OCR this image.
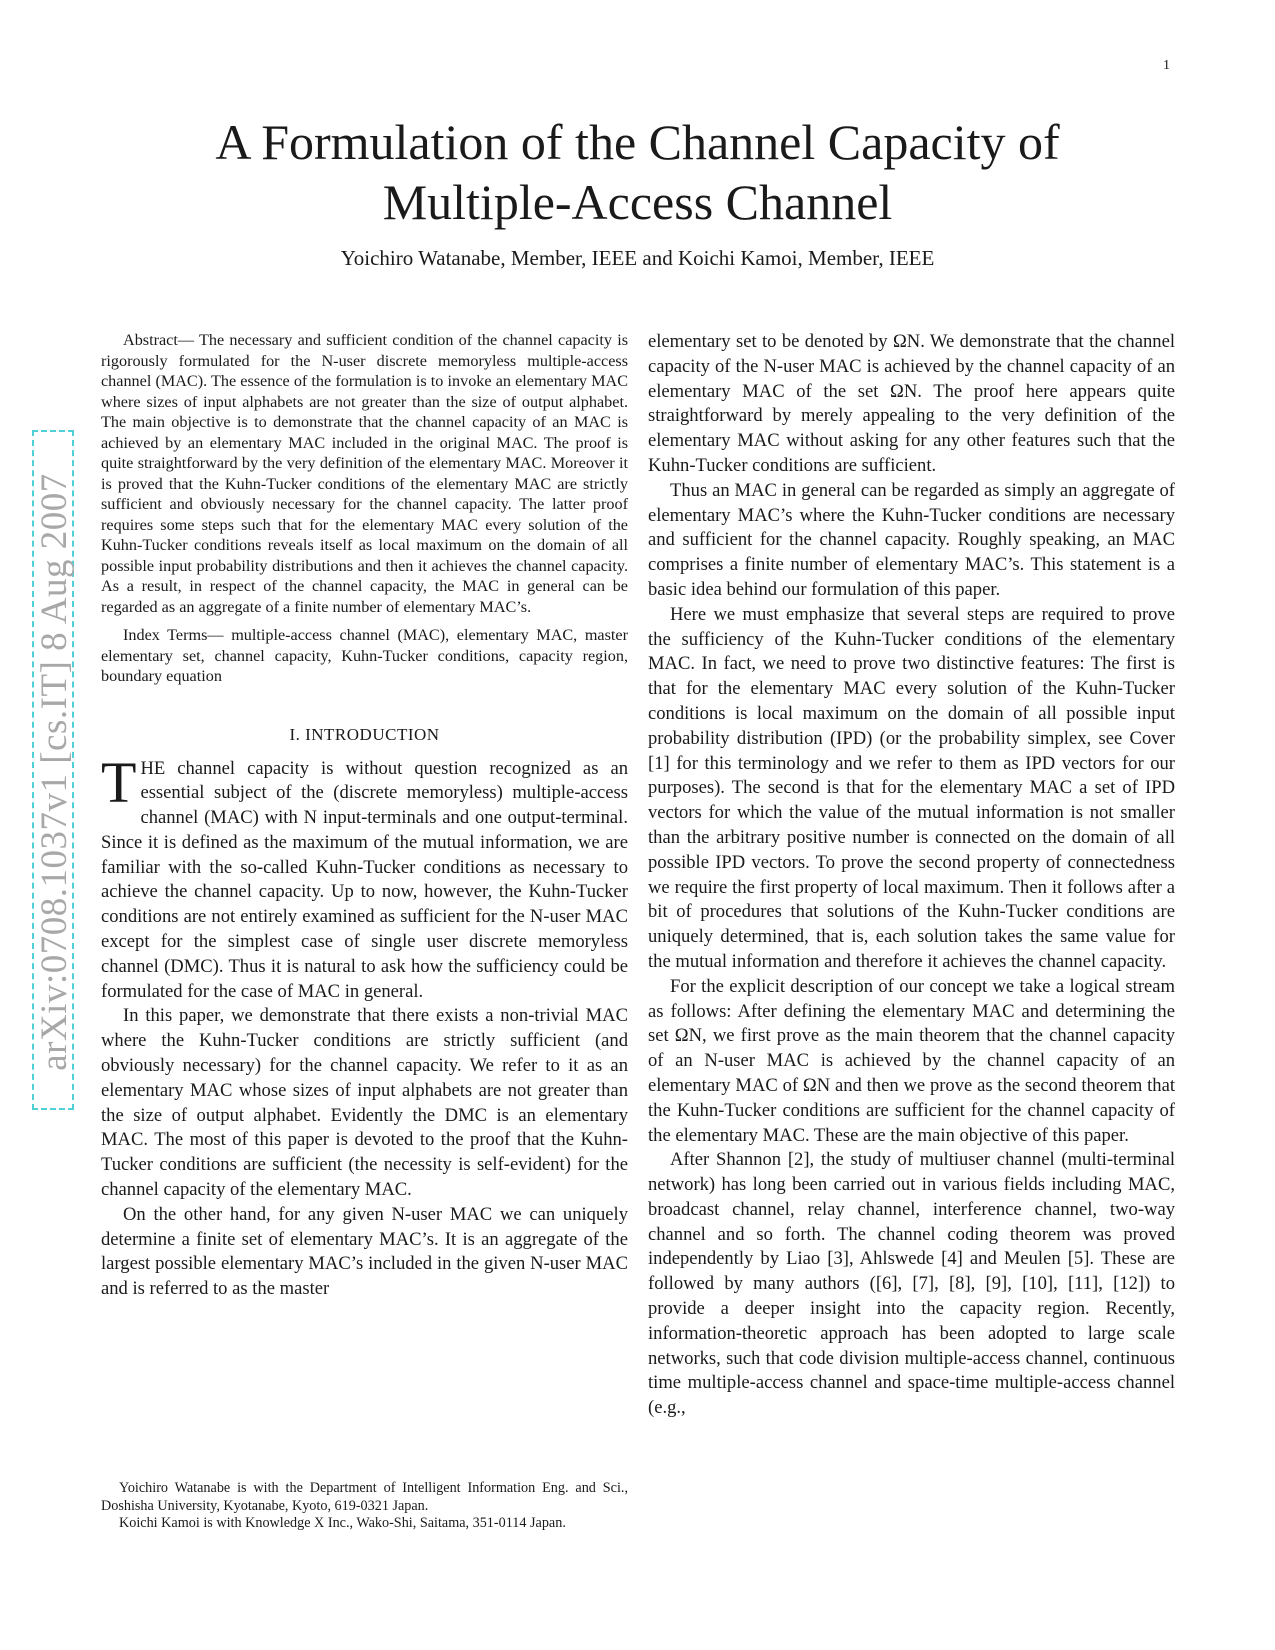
1
arXiv:0708.1037v1 [cs.IT] 8 Aug 2007
A Formulation of the Channel Capacity of
Multiple-Access Channel

Yoichiro Watanabe, Member, IEEE and Koichi Kamoi, Member, IEEE

Abstract— The necessary and sufficient condition of the channel capacity is rigorously formulated for the N-user discrete memoryless multiple-access channel (MAC). The essence of the formulation is to invoke an elementary MAC where sizes of input alphabets are not greater than the size of output alphabet. The main objective is to demonstrate that the channel capacity of an MAC is achieved by an elementary MAC included in the original MAC. The proof is quite straightforward by the very definition of the elementary MAC. Moreover it is proved that the Kuhn-Tucker conditions of the elementary MAC are strictly sufficient and obviously necessary for the channel capacity. The latter proof requires some steps such that for the elementary MAC every solution of the Kuhn-Tucker conditions reveals itself as local maximum on the domain of all possible input probability distributions and then it achieves the channel capacity. As a result, in respect of the channel capacity, the MAC in general can be regarded as an aggregate of a finite number of elementary MAC’s.

Index Terms— multiple-access channel (MAC), elementary MAC, master elementary set, channel capacity, Kuhn-Tucker conditions, capacity region, boundary equation

I. INTRODUCTION

THE channel capacity is without question recognized as an essential subject of the (discrete memoryless) multiple-access channel (MAC) with N input-terminals and one output-terminal. Since it is defined as the maximum of the mutual information, we are familiar with the so-called Kuhn-Tucker conditions as necessary to achieve the channel capacity. Up to now, however, the Kuhn-Tucker conditions are not entirely examined as sufficient for the N-user MAC except for the simplest case of single user discrete memoryless channel (DMC). Thus it is natural to ask how the sufficiency could be formulated for the case of MAC in general.

In this paper, we demonstrate that there exists a non-trivial MAC where the Kuhn-Tucker conditions are strictly sufficient (and obviously necessary) for the channel capacity. We refer to it as an elementary MAC whose sizes of input alphabets are not greater than the size of output alphabet. Evidently the DMC is an elementary MAC. The most of this paper is devoted to the proof that the Kuhn-Tucker conditions are sufficient (the necessity is self-evident) for the channel capacity of the elementary MAC.

On the other hand, for any given N-user MAC we can uniquely determine a finite set of elementary MAC’s. It is an aggregate of the largest possible elementary MAC’s included in the given N-user MAC and is referred to as the master

Yoichiro Watanabe is with the Department of Intelligent Information Eng. and Sci., Doshisha University, Kyotanabe, Kyoto, 619-0321 Japan.

Koichi Kamoi is with Knowledge X Inc., Wako-Shi, Saitama, 351-0114 Japan.

elementary set to be denoted by ΩN. We demonstrate that the channel capacity of the N-user MAC is achieved by the channel capacity of an elementary MAC of the set ΩN. The proof here appears quite straightforward by merely appealing to the very definition of the elementary MAC without asking for any other features such that the Kuhn-Tucker conditions are sufficient.

Thus an MAC in general can be regarded as simply an aggregate of elementary MAC’s where the Kuhn-Tucker conditions are necessary and sufficient for the channel capacity. Roughly speaking, an MAC comprises a finite number of elementary MAC’s. This statement is a basic idea behind our formulation of this paper.

Here we must emphasize that several steps are required to prove the sufficiency of the Kuhn-Tucker conditions of the elementary MAC. In fact, we need to prove two distinctive features: The first is that for the elementary MAC every solution of the Kuhn-Tucker conditions is local maximum on the domain of all possible input probability distribution (IPD) (or the probability simplex, see Cover [1] for this terminology and we refer to them as IPD vectors for our purposes). The second is that for the elementary MAC a set of IPD vectors for which the value of the mutual information is not smaller than the arbitrary positive number is connected on the domain of all possible IPD vectors. To prove the second property of connectedness we require the first property of local maximum. Then it follows after a bit of procedures that solutions of the Kuhn-Tucker conditions are uniquely determined, that is, each solution takes the same value for the mutual information and therefore it achieves the channel capacity.

For the explicit description of our concept we take a logical stream as follows: After defining the elementary MAC and determining the set ΩN, we first prove as the main theorem that the channel capacity of an N-user MAC is achieved by the channel capacity of an elementary MAC of ΩN and then we prove as the second theorem that the Kuhn-Tucker conditions are sufficient for the channel capacity of the elementary MAC. These are the main objective of this paper.

After Shannon [2], the study of multiuser channel (multi-terminal network) has long been carried out in various fields including MAC, broadcast channel, relay channel, interference channel, two-way channel and so forth. The channel coding theorem was proved independently by Liao [3], Ahlswede [4] and Meulen [5]. These are followed by many authors ([6], [7], [8], [9], [10], [11], [12]) to provide a deeper insight into the capacity region. Recently, information-theoretic approach has been adopted to large scale networks, such that code division multiple-access channel, continuous time multiple-access channel and space-time multiple-access channel (e.g.,
